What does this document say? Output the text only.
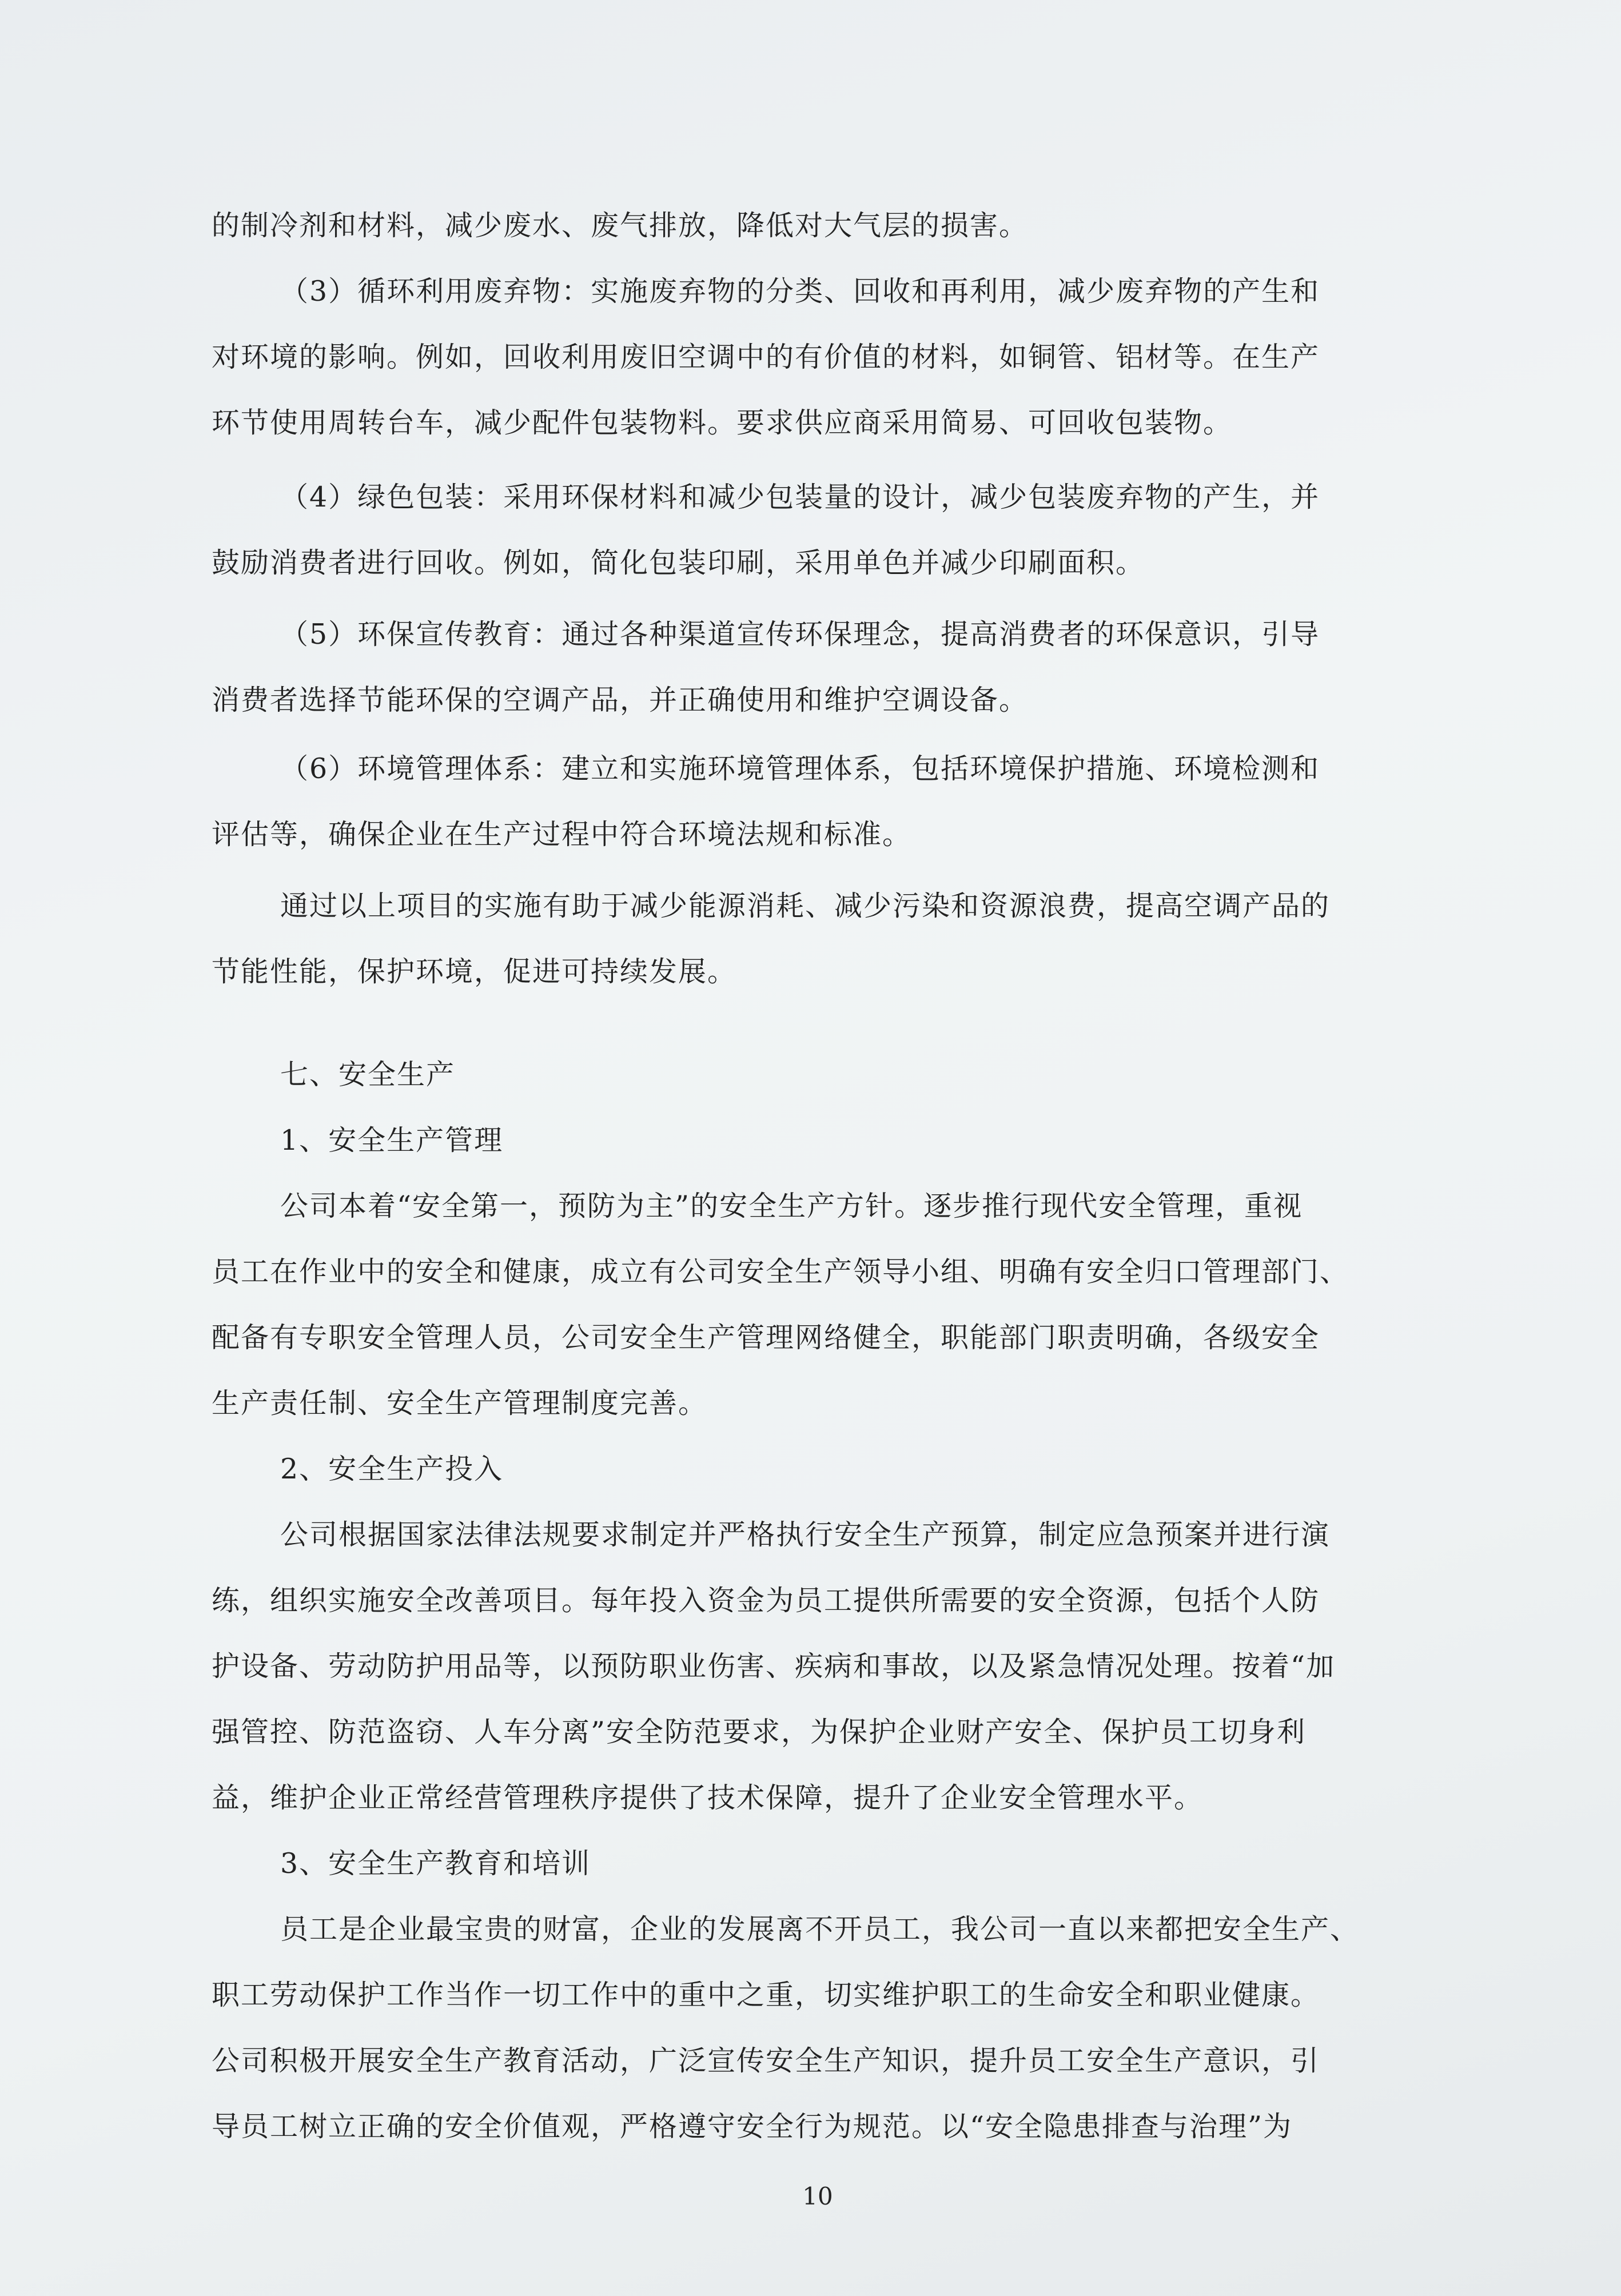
的制冷剂和材料，减少废水、废气排放，降低对大气层的损害。
（3）循环利用废弃物：实施废弃物的分类、回收和再利用，减少废弃物的产生和
对环境的影响。例如，回收利用废旧空调中的有价值的材料，如铜管、铝材等。在生产
环节使用周转台车，减少配件包装物料。要求供应商采用简易、可回收包装物。
（4）绿色包装：采用环保材料和减少包装量的设计，减少包装废弃物的产生，并
鼓励消费者进行回收。例如，简化包装印刷，采用单色并减少印刷面积。
（5）环保宣传教育：通过各种渠道宣传环保理念，提高消费者的环保意识，引导
消费者选择节能环保的空调产品，并正确使用和维护空调设备。
（6）环境管理体系：建立和实施环境管理体系，包括环境保护措施、环境检测和
评估等，确保企业在生产过程中符合环境法规和标准。
通过以上项目的实施有助于减少能源消耗、减少污染和资源浪费，提高空调产品的
节能性能，保护环境，促进可持续发展。
七、安全生产
1、安全生产管理
公司本着“安全第一，预防为主”的安全生产方针。逐步推行现代安全管理，重视
员工在作业中的安全和健康，成立有公司安全生产领导小组、明确有安全归口管理部门、
配备有专职安全管理人员，公司安全生产管理网络健全，职能部门职责明确，各级安全
生产责任制、安全生产管理制度完善。
2、安全生产投入
公司根据国家法律法规要求制定并严格执行安全生产预算，制定应急预案并进行演
练，组织实施安全改善项目。每年投入资金为员工提供所需要的安全资源，包括个人防
护设备、劳动防护用品等，以预防职业伤害、疾病和事故，以及紧急情况处理。按着“加
强管控、防范盗窃、人车分离”安全防范要求，为保护企业财产安全、保护员工切身利
益，维护企业正常经营管理秩序提供了技术保障，提升了企业安全管理水平。
3、安全生产教育和培训
员工是企业最宝贵的财富，企业的发展离不开员工，我公司一直以来都把安全生产、
职工劳动保护工作当作一切工作中的重中之重，切实维护职工的生命安全和职业健康。
公司积极开展安全生产教育活动，广泛宣传安全生产知识，提升员工安全生产意识，引
导员工树立正确的安全价值观，严格遵守安全行为规范。以“安全隐患排查与治理”为
10
